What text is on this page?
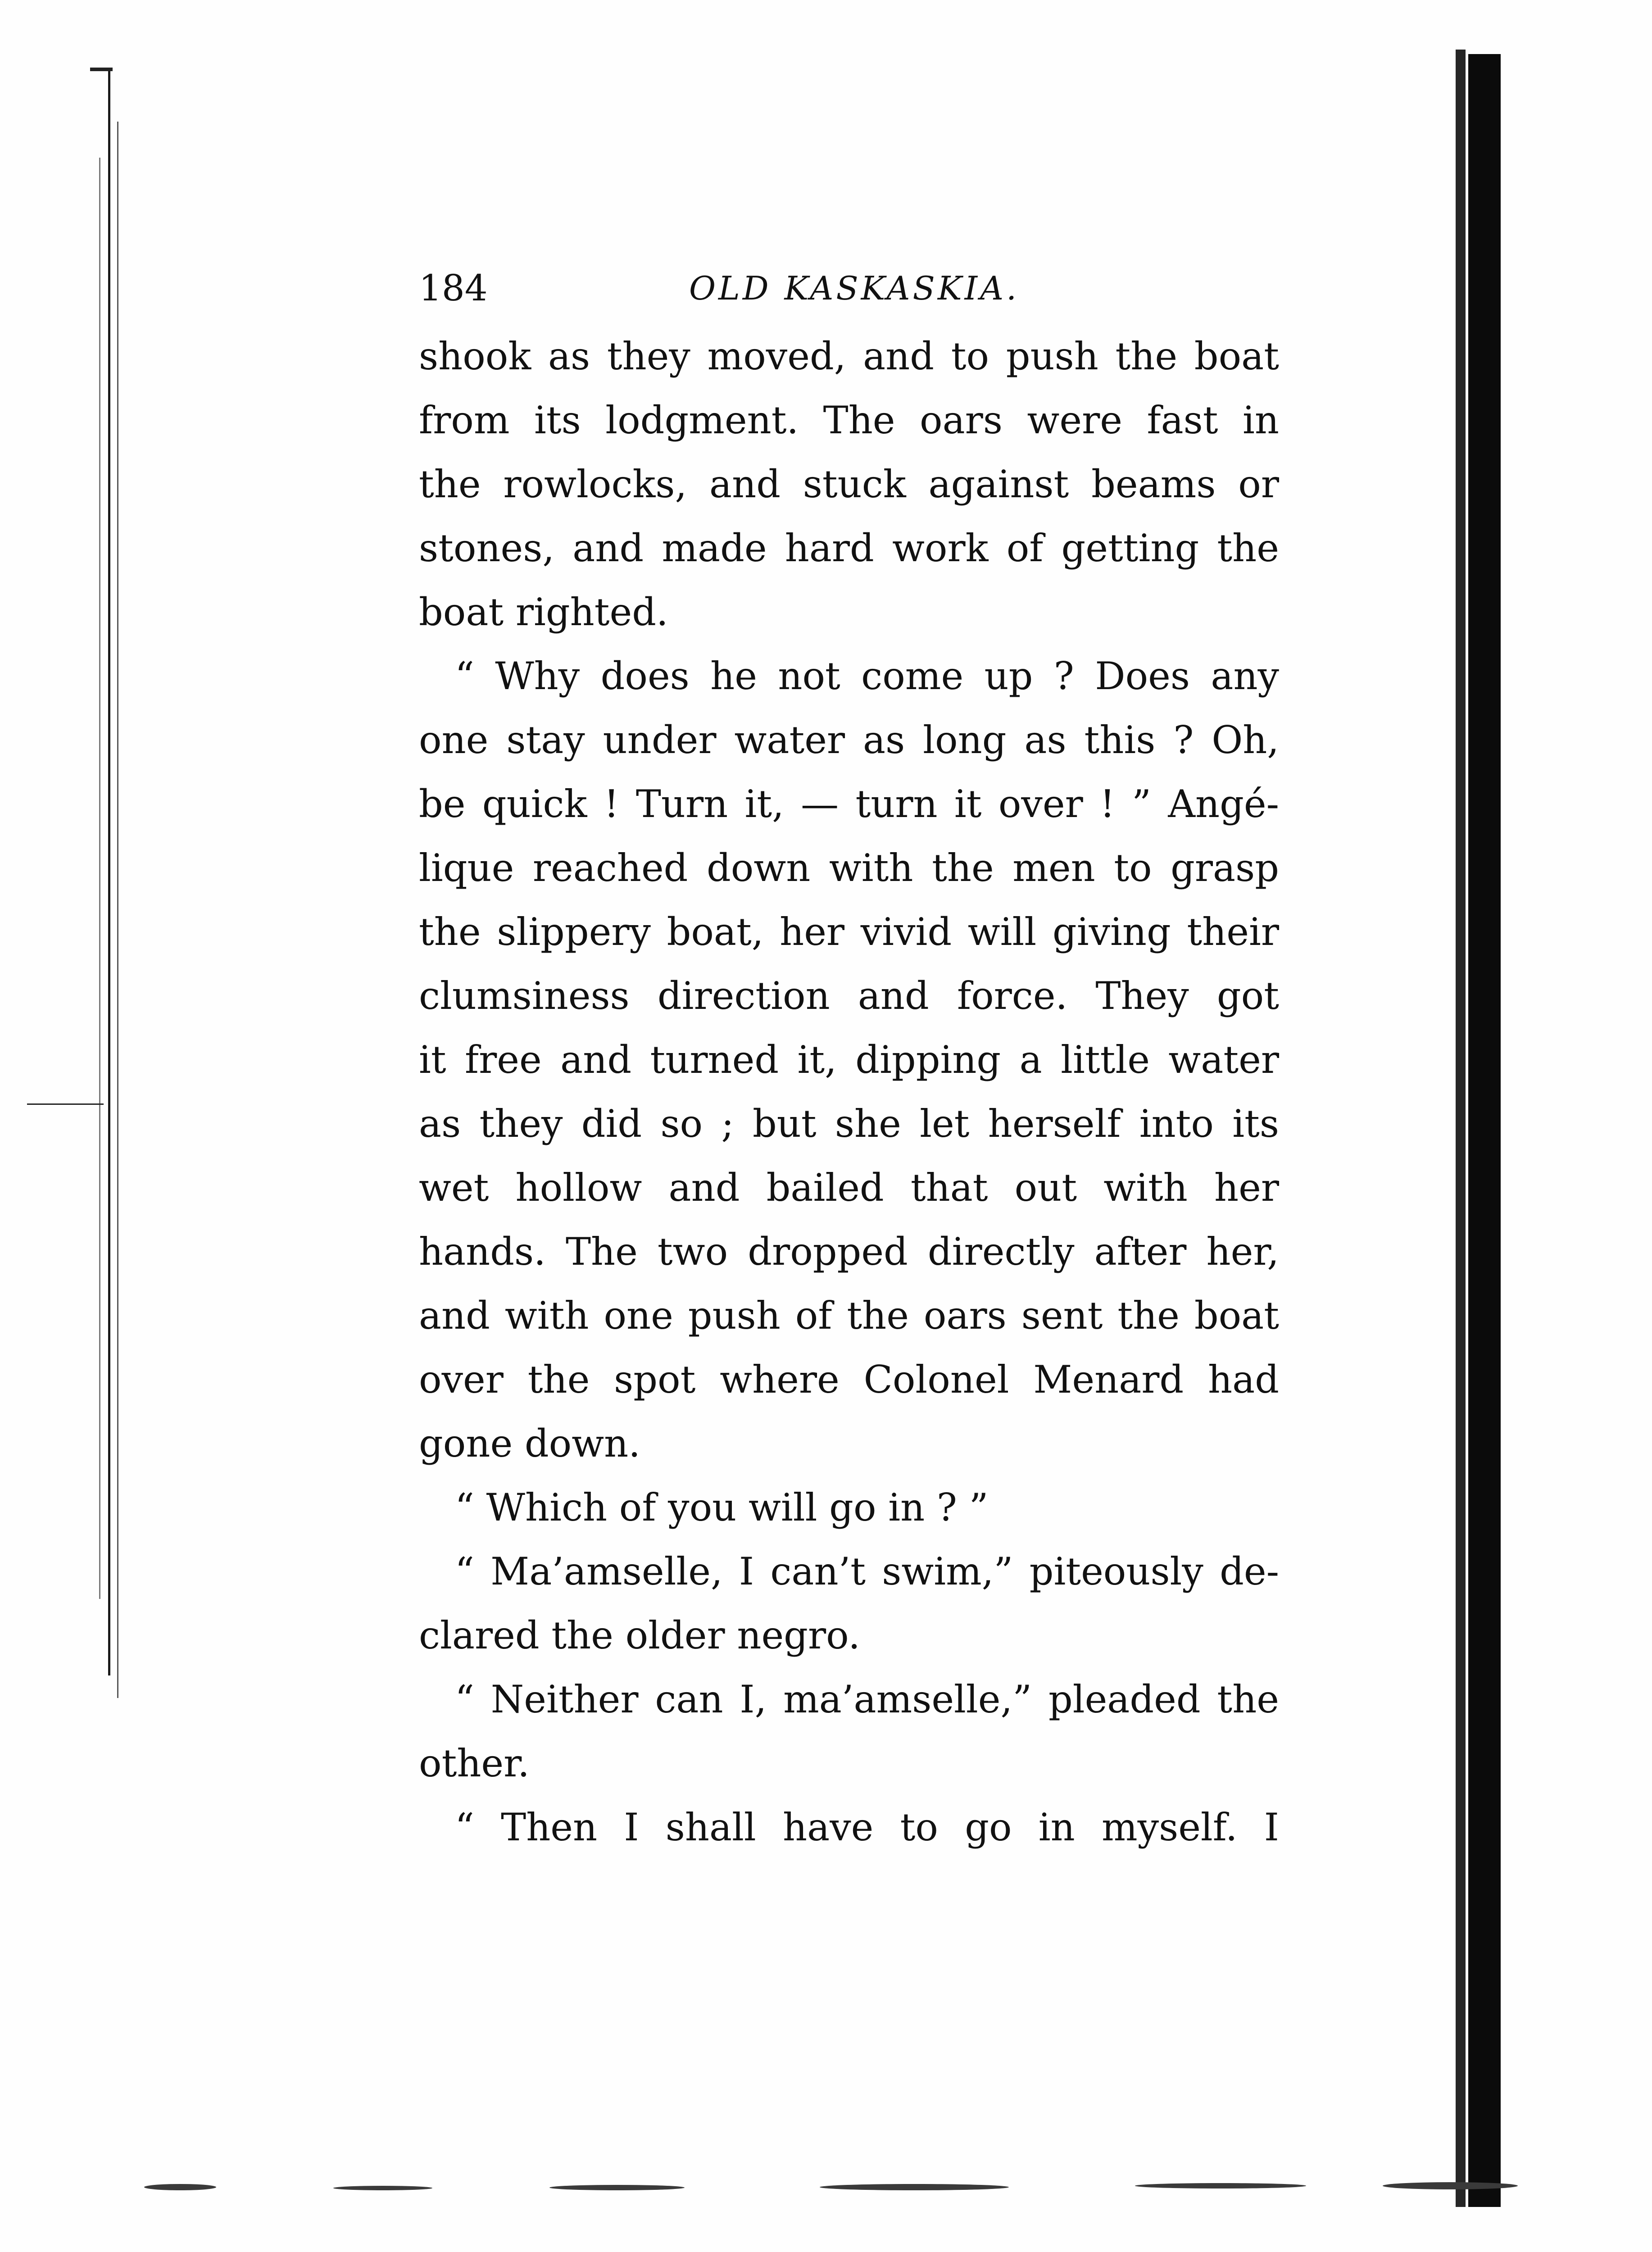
184	OLD KASKASKIA.
shook as they moved, and to push the boat
from its lodgment. The oars were fast in
the rowlocks, and stuck against beams or
stones, and made hard work of getting the
boat righted.
“ Why does he not come up ? Does any
one stay under water as long as this ? Oh,
be quick ! Turn it, — turn it over ! ” Angé-
lique reached down with the men to grasp
the slippery boat, her vivid will giving their
clumsiness direction and force. They got
it free and turned it, dipping a little water
as they did so ; but she let herself into its
wet hollow and bailed that out with her
hands. The two dropped directly after her,
and with one push of the oars sent the boat
over the spot where Colonel Menard had
gone down.
“ Which of you will go in ? ”
“ Ma’amselle, I can’t swim,” piteously de-
clared the older negro.
“ Neither can I, ma’amselle,” pleaded the
other.
“ Then I shall have to go in myself. I
